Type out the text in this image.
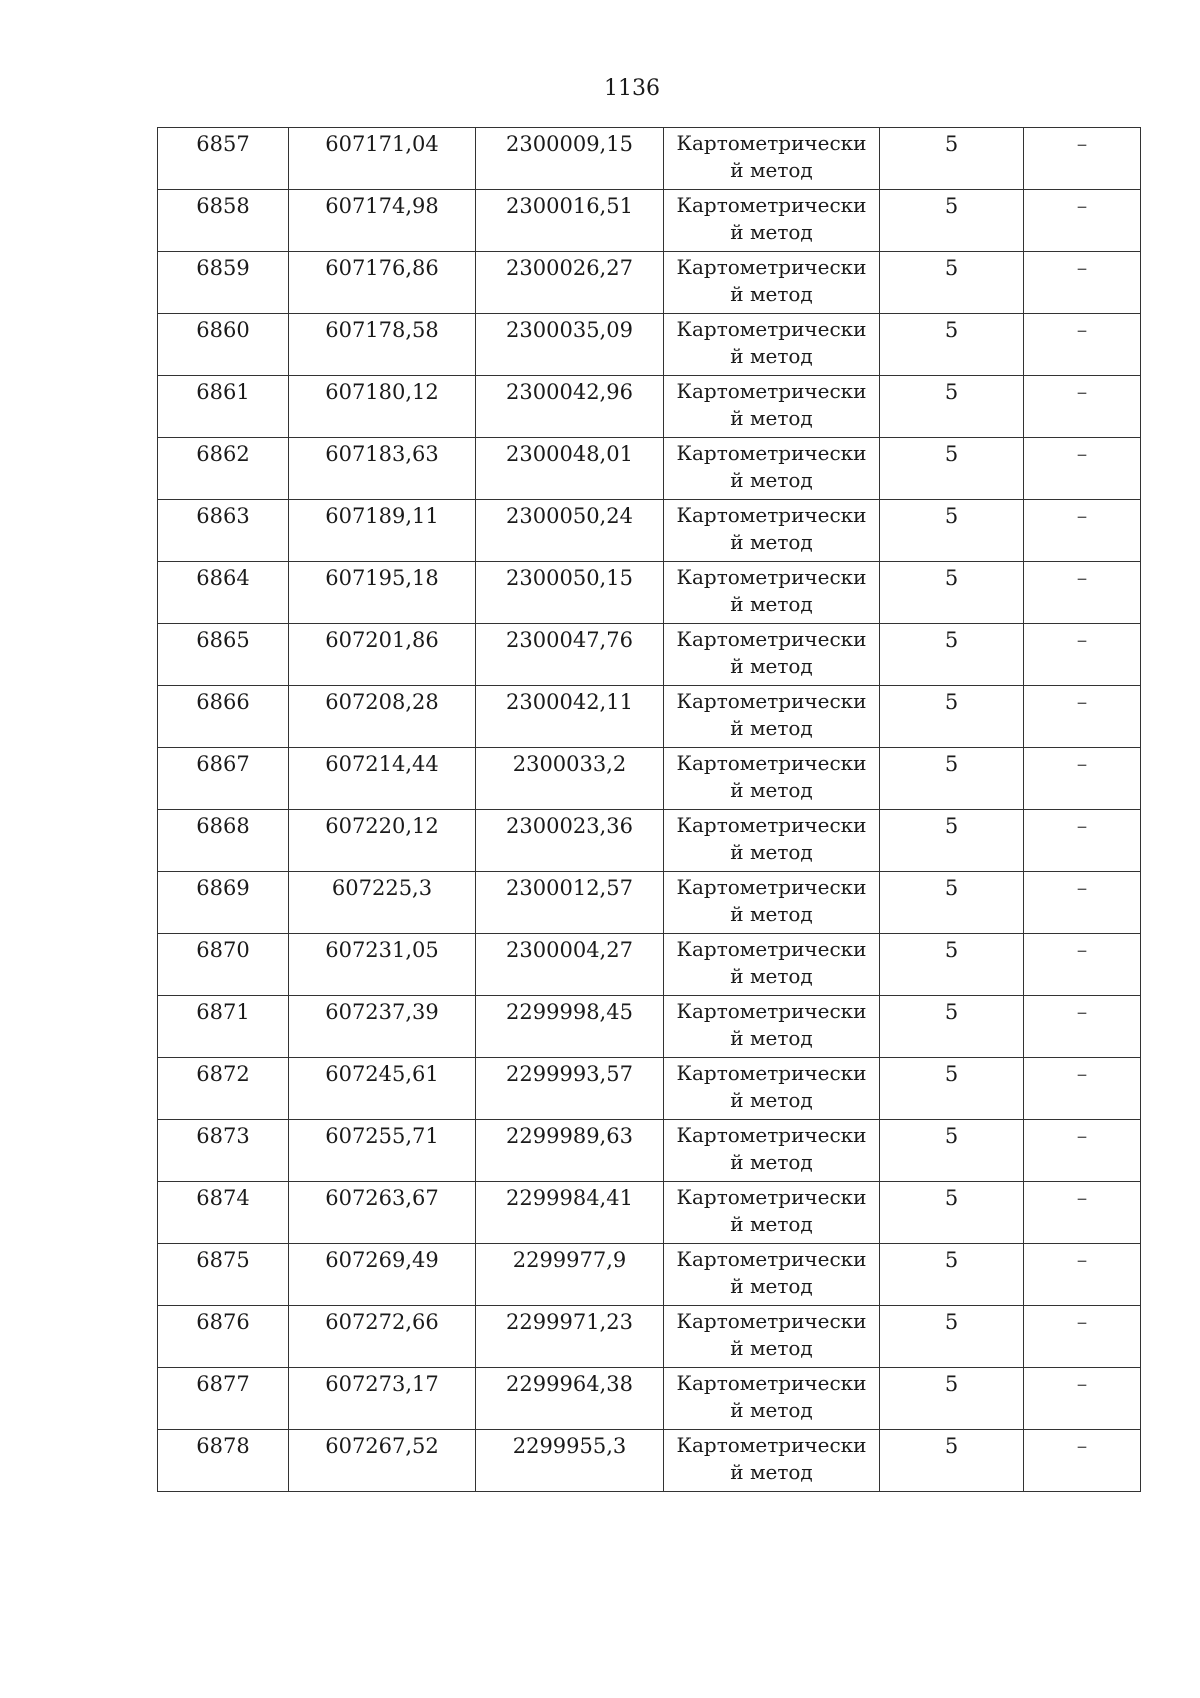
1136
6857	607171,04	2300009,15	Картометрический метод	5	–
6858	607174,98	2300016,51	Картометрический метод	5	–
6859	607176,86	2300026,27	Картометрический метод	5	–
6860	607178,58	2300035,09	Картометрический метод	5	–
6861	607180,12	2300042,96	Картометрический метод	5	–
6862	607183,63	2300048,01	Картометрический метод	5	–
6863	607189,11	2300050,24	Картометрический метод	5	–
6864	607195,18	2300050,15	Картометрический метод	5	–
6865	607201,86	2300047,76	Картометрический метод	5	–
6866	607208,28	2300042,11	Картометрический метод	5	–
6867	607214,44	2300033,2	Картометрический метод	5	–
6868	607220,12	2300023,36	Картометрический метод	5	–
6869	607225,3	2300012,57	Картометрический метод	5	–
6870	607231,05	2300004,27	Картометрический метод	5	–
6871	607237,39	2299998,45	Картометрический метод	5	–
6872	607245,61	2299993,57	Картометрический метод	5	–
6873	607255,71	2299989,63	Картометрический метод	5	–
6874	607263,67	2299984,41	Картометрический метод	5	–
6875	607269,49	2299977,9	Картометрический метод	5	–
6876	607272,66	2299971,23	Картометрический метод	5	–
6877	607273,17	2299964,38	Картометрический метод	5	–
6878	607267,52	2299955,3	Картометрический метод	5	–
